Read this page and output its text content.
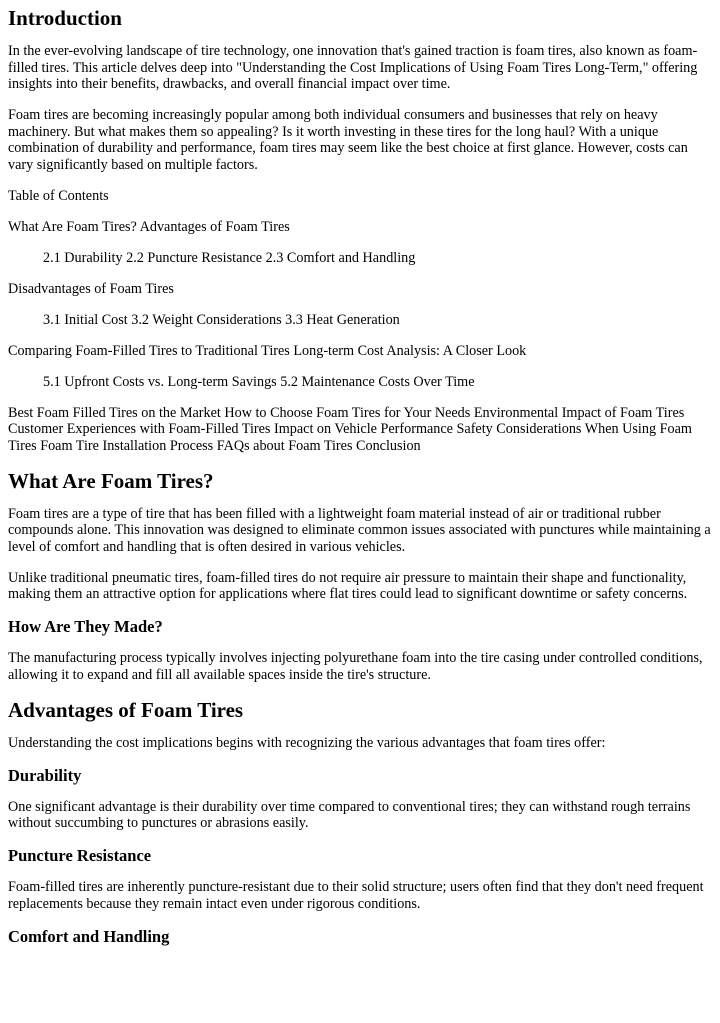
Introduction

In the ever-evolving landscape of tire technology, one innovation that's gained traction is foam tires, also known as foam-filled tires. This article delves deep into "Understanding the Cost Implications of Using Foam Tires Long-Term," offering insights into their benefits, drawbacks, and overall financial impact over time.

Foam tires are becoming increasingly popular among both individual consumers and businesses that rely on heavy machinery. But what makes them so appealing? Is it worth investing in these tires for the long haul? With a unique combination of durability and performance, foam tires may seem like the best choice at first glance. However, costs can vary significantly based on multiple factors.

Table of Contents

What Are Foam Tires? Advantages of Foam Tires

2.1 Durability 2.2 Puncture Resistance 2.3 Comfort and Handling

Disadvantages of Foam Tires

3.1 Initial Cost 3.2 Weight Considerations 3.3 Heat Generation

Comparing Foam-Filled Tires to Traditional Tires Long-term Cost Analysis: A Closer Look

5.1 Upfront Costs vs. Long-term Savings 5.2 Maintenance Costs Over Time

Best Foam Filled Tires on the Market How to Choose Foam Tires for Your Needs Environmental Impact of Foam Tires Customer Experiences with Foam-Filled Tires Impact on Vehicle Performance Safety Considerations When Using Foam Tires Foam Tire Installation Process FAQs about Foam Tires Conclusion

What Are Foam Tires?

Foam tires are a type of tire that has been filled with a lightweight foam material instead of air or traditional rubber compounds alone. This innovation was designed to eliminate common issues associated with punctures while maintaining a level of comfort and handling that is often desired in various vehicles.

Unlike traditional pneumatic tires, foam-filled tires do not require air pressure to maintain their shape and functionality, making them an attractive option for applications where flat tires could lead to significant downtime or safety concerns.

How Are They Made?

The manufacturing process typically involves injecting polyurethane foam into the tire casing under controlled conditions, allowing it to expand and fill all available spaces inside the tire's structure.

Advantages of Foam Tires

Understanding the cost implications begins with recognizing the various advantages that foam tires offer:

Durability

One significant advantage is their durability over time compared to conventional tires; they can withstand rough terrains without succumbing to punctures or abrasions easily.

Puncture Resistance

Foam-filled tires are inherently puncture-resistant due to their solid structure; users often find that they don't need frequent replacements because they remain intact even under rigorous conditions.

Comfort and Handling
